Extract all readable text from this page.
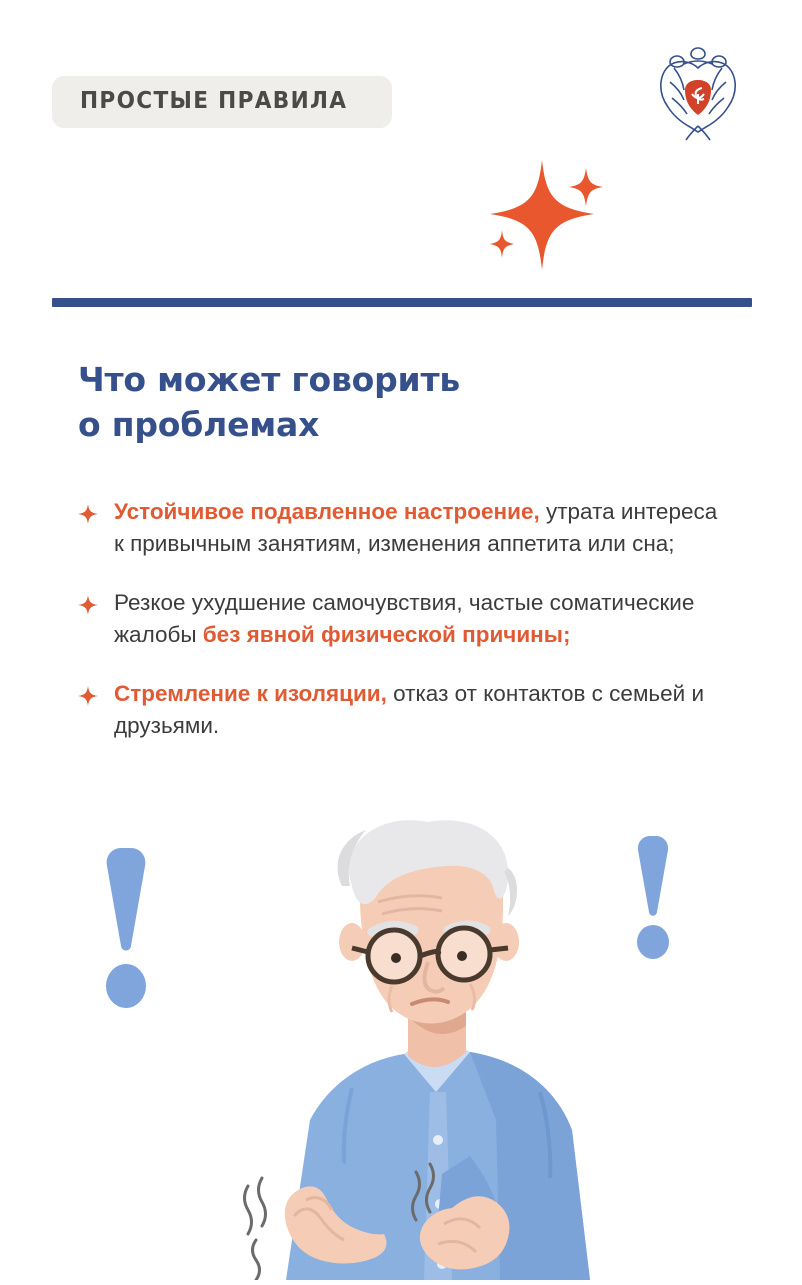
ПРОСТЫЕ ПРАВИЛА
Что может говорить
о проблемах
Устойчивое подавленное настроение, утрата интереса к привычным занятиям, изменения аппетита или сна;
Резкое ухудшение самочувствия, частые соматические жалобы без явной физической причины;
Стремление к изоляции, отказ от контактов с семьей и друзьями.
